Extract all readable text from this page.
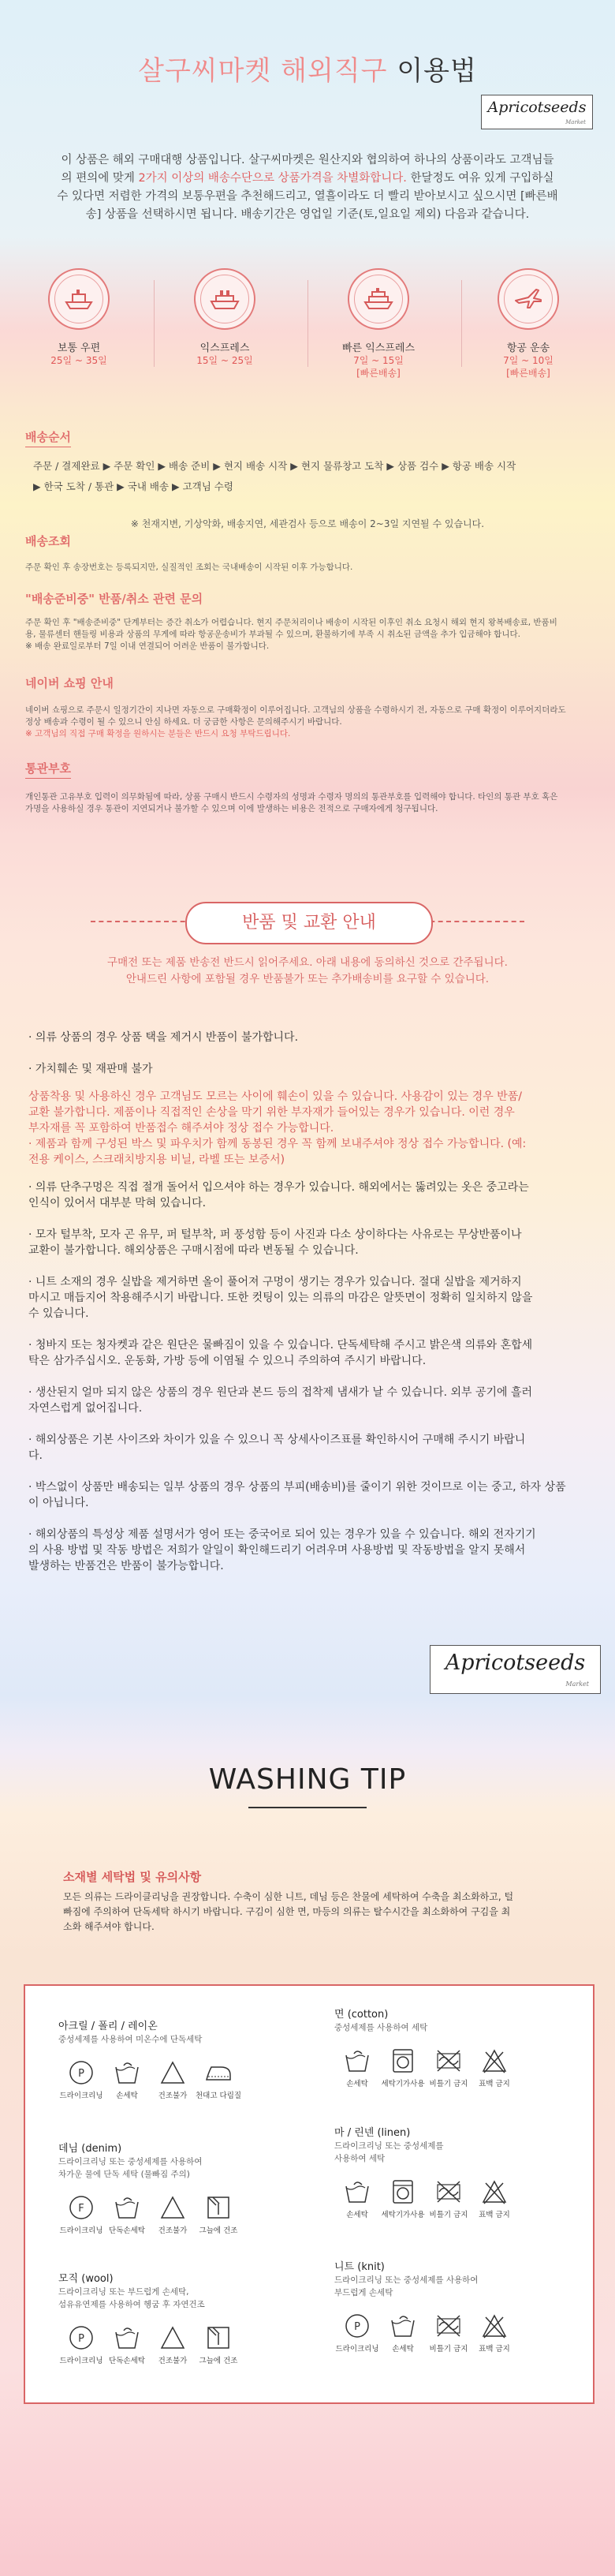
살구씨마켓 해외직구 이용법
Apricotseeds
Market
이 상품은 해외 구매대행 상품입니다. 살구씨마켓은 원산지와 협의하여 하나의 상품이라도 고객님들
의 편의에 맞게 2가지 이상의 배송수단으로 상품가격을 차별화합니다. 한달정도 여유 있게 구입하실
수 있다면 저렴한 가격의 보통우편을 추천해드리고, 열흘이라도 더 빨리 받아보시고 싶으시면 [빠른배
송] 상품을 선택하시면 됩니다. 배송기간은 영업일 기준(토,일요일 제외) 다음과 같습니다.
보통 우편
25일 ~ 35일
익스프레스
15일 ~ 25일
빠른 익스프레스
7일 ~ 15일
[빠른배송]
항공 운송
7일 ~ 10일
[빠른배송]
배송순서
주문 / 결제완료 ▶ 주문 확인 ▶ 배송 준비 ▶ 현지 배송 시작 ▶ 현지 물류창고 도착 ▶ 상품 검수 ▶ 항공 배송 시작
▶ 한국 도착 / 통관 ▶ 국내 배송 ▶ 고객님 수령
※ 천재지변, 기상악화, 배송지연, 세관검사 등으로 배송이 2~3일 지연될 수 있습니다.
배송조회
주문 확인 후 송장번호는 등록되지만, 실질적인 조회는 국내배송이 시작된 이후 가능합니다.
"배송준비중" 반품/취소 관련 문의
주문 확인 후 "배송준비중" 단계부터는 증간 취소가 어렵습니다. 현지 주문처리이나 배송이 시작된 이후인 취소 요청시 해외 현지 왕복배송료, 반품비
용, 물류센터 핸들링 비용과 상품의 무게에 따라 항공운송비가 부과될 수 있으며, 환불하기에 부족 시 취소된 금액을 추가 입금해야 합니다.
※ 배송 완료일로부터 7일 이내 연결되어 어려운 반품이 불가합니다.
네이버 쇼핑 안내
네이버 쇼핑으로 주문시 일정기간이 지나면 자동으로 구매확정이 이루어집니다. 고객님의 상품을 수령하시기 전, 자동으로 구매 확정이 이루어지더라도
정상 배송과 수령이 될 수 있으니 안심 하세요. 더 궁금한 사항은 문의해주시기 바랍니다.
※ 고객님의 직접 구매 확정을 원하시는 분들은 반드시 요청 부탁드립니다.
통관부호
개인통관 고유부호 입력이 의무화됨에 따라, 상품 구매시 반드시 수령자의 성명과 수령자 명의의 통관부호를 입력해야 합니다. 타인의 통관 부호 혹은
가명을 사용하실 경우 통관이 지연되거나 불가할 수 있으며 이에 발생하는 비용은 전적으로 구매자에게 청구됩니다.
반품 및 교환 안내
구매전 또는 제품 반송전 반드시 읽어주세요. 아래 내용에 동의하신 것으로 간주됩니다.
안내드린 사항에 포함될 경우 반품불가 또는 추가배송비를 요구할 수 있습니다.
· 의류 상품의 경우 상품 택을 제거시 반품이 불가합니다.
· 가치훼손 및 재판매 불가
상품착용 및 사용하신 경우 고객님도 모르는 사이에 훼손이 있을 수 있습니다. 사용감이 있는 경우 반품/
교환 불가합니다. 제품이나 직접적인 손상을 막기 위한 부자재가 들어있는 경우가 있습니다. 이런 경우
부자재를 꼭 포함하여 반품접수 해주셔야 정상 접수 가능합니다.
· 제품과 함께 구성된 박스 및 파우치가 함께 동봉된 경우 꼭 함께 보내주셔야 정상 접수 가능합니다. (예:
전용 케이스, 스크래치방지용 비닐, 라벨 또는 보증서)
· 의류 단추구멍은 직접 절개 돌어서 입으셔야 하는 경우가 있습니다. 해외에서는 뚫려있는 옷은 중고라는
인식이 있어서 대부분 막혀 있습니다.
· 모자 털부착, 모자 곤 유무, 퍼 털부착, 퍼 풍성함 등이 사진과 다소 상이하다는 사유로는 무상반품이나
교환이 불가합니다. 해외상품은 구매시점에 따라 변동될 수 있습니다.
· 니트 소재의 경우 실밥을 제거하면 올이 풀어져 구멍이 생기는 경우가 있습니다. 절대 실밥을 제거하지
마시고 매듭지어 착용해주시기 바랍니다. 또한 컷팅이 있는 의류의 마감은 알뜻면이 정확히 일치하지 않을
수 있습니다.
· 청바지 또는 청자켓과 같은 원단은 물빠짐이 있을 수 있습니다. 단독세탁해 주시고 밝은색 의류와 혼합세
탁은 삼가주십시오. 운동화, 가방 등에 이염될 수 있으니 주의하여 주시기 바랍니다.
· 생산된지 얼마 되지 않은 상품의 경우 원단과 본드 등의 접착제 냄새가 날 수 있습니다. 외부 공기에 흘러
자연스럽게 없어집니다.
· 해외상품은 기본 사이즈와 차이가 있을 수 있으니 꼭 상세사이즈표를 확인하시어 구매해 주시기 바랍니
다.
· 박스없이 상품만 배송되는 일부 상품의 경우 상품의 부피(배송비)를 줄이기 위한 것이므로 이는 중고, 하자 상품
이 아닙니다.
· 해외상품의 특성상 제품 설명서가 영어 또는 중국어로 되어 있는 경우가 있을 수 있습니다. 해외 전자기기
의 사용 방법 및 작동 방법은 저희가 알일이 확인해드리기 어려우며 사용방법 및 작동방법을 알지 못해서
발생하는 반품건은 반품이 불가능합니다.
Apricotseeds
Market
WASHING TIP
소재별 세탁법 및 유의사항
모든 의류는 드라이클리닝을 권장합니다. 수축이 심한 니트, 데님 등은 찬물에 세탁하여 수축을 최소화하고, 털
빠짐에 주의하여 단독세탁 하시기 바랍니다. 구김이 심한 면, 마등의 의류는 탈수시간을 최소화하여 구김을 최
소화 해주셔야 합니다.
아크릴 / 폴리 / 레이온
중성세제를 사용하여 미온수에 단독세탁
P
드라이크리닝	손세탁	건조불가	천대고 다림질
면 (cotton)
중성세제를 사용하여 세탁
손세탁	세탁기가사용 비틀기 금지	표백 금지
데님 (denim)
드라이크리닝 또는 중성세제를 사용하여
차가운 물에 단독 세탁 (물빠짐 주의)
F
드라이크리닝 단독손세탁	건조불가	그늘에 건조
마 / 린넨 (linen)
드라이크리닝 또는 중성세제를
사용하여 세탁
손세탁	세탁기가사용 비틀기 금지	표백 금지
모직 (wool)
드라이크리닝 또는 부드럽게 손세탁,
섬유유연제를 사용하여 헹굼 후 자연건조
P
드라이크리닝 단독손세탁	건조불가	그늘에 건조
니트 (knit)
드라이크리닝 또는 중성세제를 사용하여
부드럽게 손세탁
P
드라이크리닝	손세탁	비틀기 금지	표백 금지
